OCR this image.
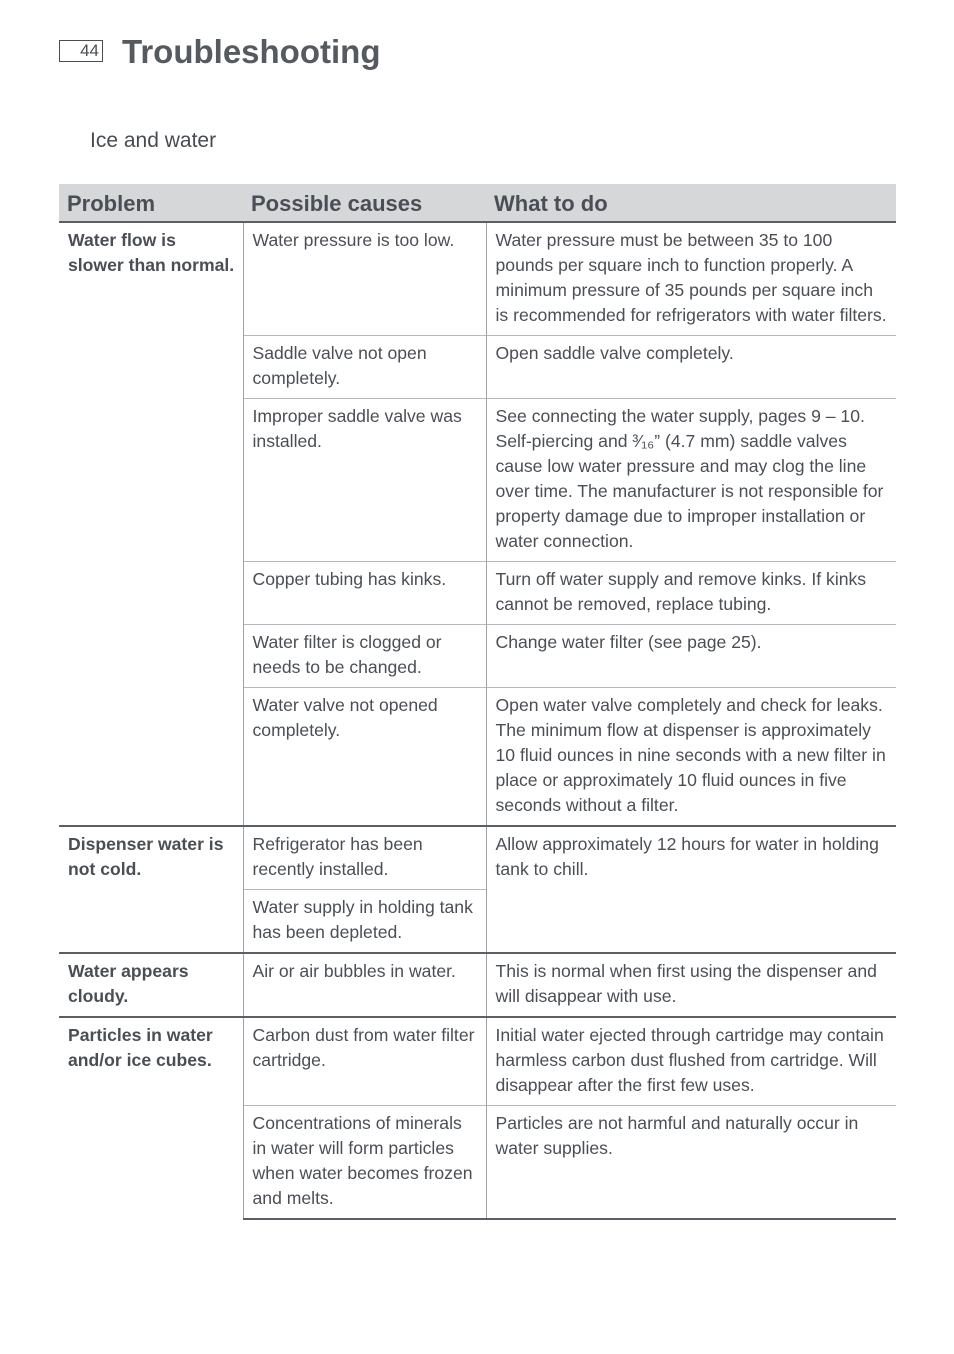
44 Troubleshooting
Ice and water
Problem	Possible causes	What to do
Water flow is slower than normal.	Water pressure is too low.	Water pressure must be between 35 to 100 pounds per square inch to function properly. A minimum pressure of 35 pounds per square inch is recommended for refrigerators with water filters.
	Saddle valve not open completely.	Open saddle valve completely.
	Improper saddle valve was installed.	See connecting the water supply, pages 9 – 10. Self-piercing and ³⁄₁₆” (4.7 mm) saddle valves cause low water pressure and may clog the line over time. The manufacturer is not responsible for property damage due to improper installation or water connection.
	Copper tubing has kinks.	Turn off water supply and remove kinks. If kinks cannot be removed, replace tubing.
	Water filter is clogged or needs to be changed.	Change water filter (see page 25).
	Water valve not opened completely.	Open water valve completely and check for leaks. The minimum flow at dispenser is approximately 10 fluid ounces in nine seconds with a new filter in place or approximately 10 fluid ounces in five seconds without a filter.
Dispenser water is not cold.	Refrigerator has been recently installed.	Allow approximately 12 hours for water in holding tank to chill.
	Water supply in holding tank has been depleted.	
Water appears cloudy.	Air or air bubbles in water.	This is normal when first using the dispenser and will disappear with use.
Particles in water and/or ice cubes.	Carbon dust from water filter cartridge.	Initial water ejected through cartridge may contain harmless carbon dust flushed from cartridge. Will disappear after the first few uses.
	Concentrations of minerals in water will form particles when water becomes frozen and melts.	Particles are not harmful and naturally occur in water supplies.
